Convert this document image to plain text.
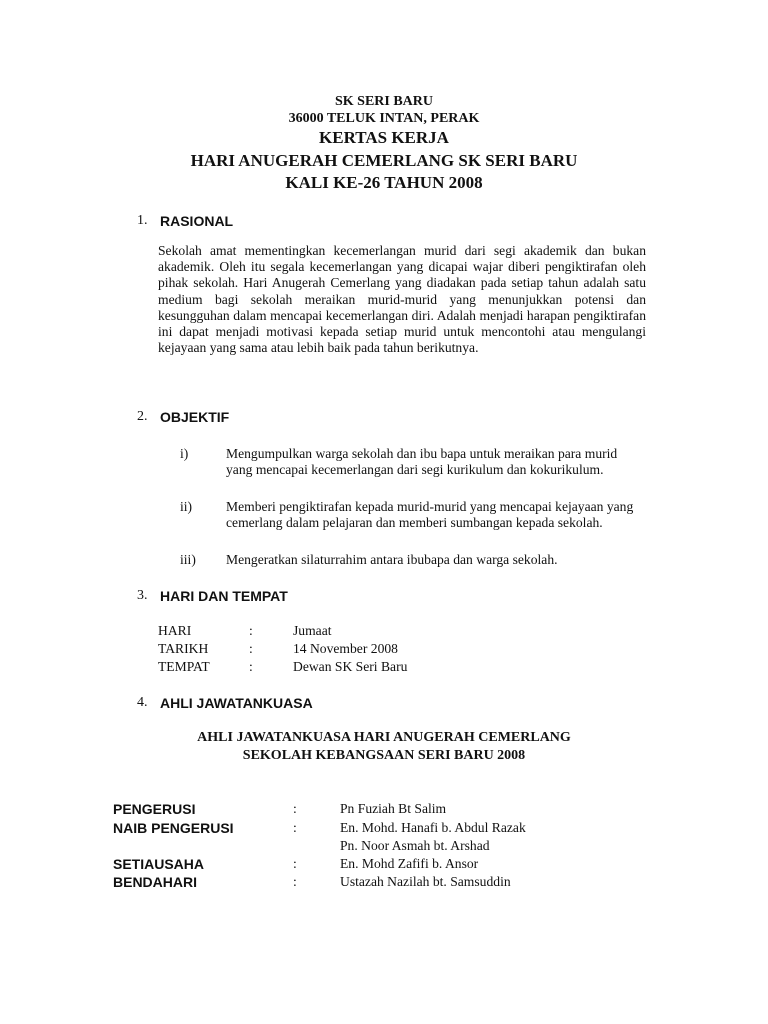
SK SERI BARU
36000 TELUK INTAN, PERAK
KERTAS KERJA
HARI ANUGERAH CEMERLANG SK SERI BARU
KALI KE-26 TAHUN 2008
1. RASIONAL
Sekolah amat mementingkan kecemerlangan murid dari segi akademik dan bukan akademik. Oleh itu segala kecemerlangan yang dicapai wajar diberi pengiktirafan oleh pihak sekolah. Hari Anugerah Cemerlang yang diadakan pada setiap tahun adalah satu medium bagi sekolah meraikan murid-murid yang menunjukkan potensi dan kesungguhan dalam mencapai kecemerlangan diri. Adalah menjadi harapan pengiktirafan ini dapat menjadi motivasi kepada setiap murid untuk mencontohi atau mengulangi kejayaan yang sama atau lebih baik pada tahun berikutnya.
2. OBJEKTIF
i)	Mengumpulkan warga sekolah dan ibu bapa untuk meraikan para murid yang mencapai kecemerlangan dari segi kurikulum dan kokurikulum.
ii) Memberi pengiktirafan kepada murid-murid yang mencapai kejayaan yang cemerlang dalam pelajaran dan memberi sumbangan kepada sekolah.
iii) Mengeratkan silaturrahim antara ibubapa dan warga sekolah.
3. HARI DAN TEMPAT
HARI	:	Jumaat
TARIKH	:	14 November 2008
TEMPAT	:	Dewan SK Seri Baru
4. AHLI JAWATANKUASA
AHLI JAWATANKUASA HARI ANUGERAH CEMERLANG
SEKOLAH KEBANGSAAN SERI BARU 2008
PENGERUSI	:	Pn Fuziah Bt Salim
NAIB PENGERUSI	:	En. Mohd. Hanafi b. Abdul Razak
Pn. Noor Asmah bt. Arshad
SETIAUSAHA	:	En. Mohd Zafifi b. Ansor
BENDAHARI	:	Ustazah Nazilah bt. Samsuddin
